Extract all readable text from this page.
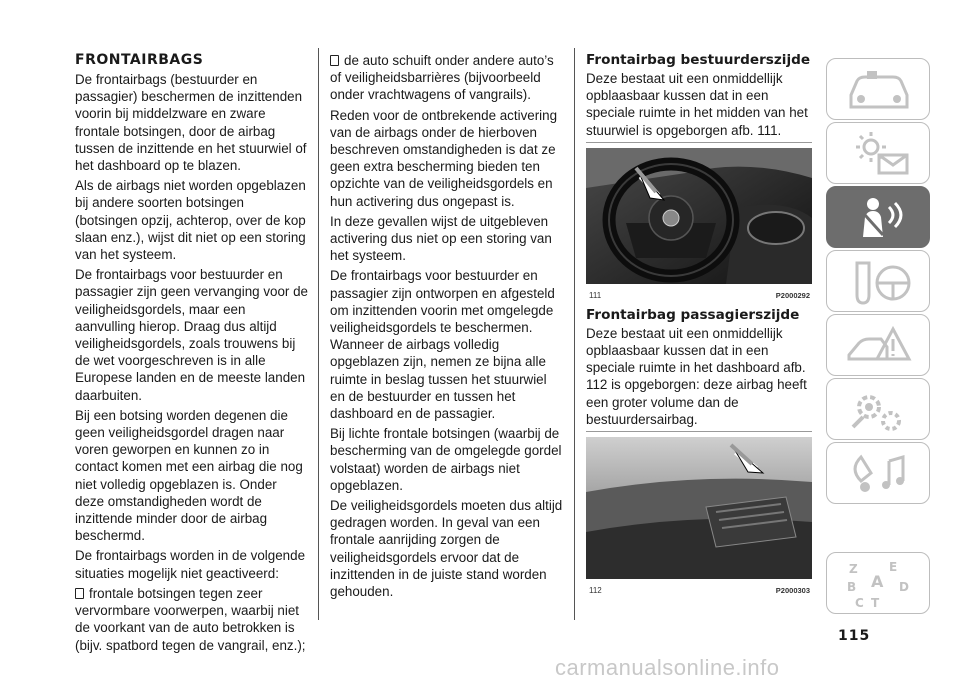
FRONTAIRBAGS

De frontairbags (bestuurder en passagier) beschermen de inzittenden voorin bij middelzware en zware frontale botsingen, door de airbag tussen de inzittende en het stuurwiel of het dashboard op te blazen.

Als de airbags niet worden opgeblazen bij andere soorten botsingen (botsingen opzij, achterop, over de kop slaan enz.), wijst dit niet op een storing van het systeem.

De frontairbags voor bestuurder en passagier zijn geen vervanging voor de veiligheidsgordels, maar een aanvulling hierop. Draag dus altijd veiligheidsgordels, zoals trouwens bij de wet voorgeschreven is in alle Europese landen en de meeste landen daarbuiten.

Bij een botsing worden degenen die geen veiligheidsgordel dragen naar voren geworpen en kunnen zo in contact komen met een airbag die nog niet volledig opgeblazen is. Onder deze omstandigheden wordt de inzittende minder door de airbag beschermd.

De frontairbags worden in de volgende situaties mogelijk niet geactiveerd:

frontale botsingen tegen zeer vervormbare voorwerpen, waarbij niet de voorkant van de auto betrokken is (bijv. spatbord tegen de vangrail, enz.);

de auto schuift onder andere auto’s of veiligheidsbarrières (bijvoorbeeld onder vrachtwagens of vangrails).

Reden voor de ontbrekende activering van de airbags onder de hierboven beschreven omstandigheden is dat ze geen extra bescherming bieden ten opzichte van de veiligheidsgordels en hun activering dus ongepast is.

In deze gevallen wijst de uitgebleven activering dus niet op een storing van het systeem.

De frontairbags voor bestuurder en passagier zijn ontworpen en afgesteld om inzittenden voorin met omgelegde veiligheidsgordels te beschermen. Wanneer de airbags volledig opgeblazen zijn, nemen ze bijna alle ruimte in beslag tussen het stuurwiel en de bestuurder en tussen het dashboard en de passagier.

Bij lichte frontale botsingen (waarbij de bescherming van de omgelegde gordel volstaat) worden de airbags niet opgeblazen.

De veiligheidsgordels moeten dus altijd gedragen worden. In geval van een frontale aanrijding zorgen de veiligheidsgordels ervoor dat de inzittenden in de juiste stand worden gehouden.

Frontairbag bestuurderszijde

Deze bestaat uit een onmiddellijk opblaasbaar kussen dat in een speciale ruimte in het midden van het stuurwiel is opgeborgen afb. 111.

111	P2000292
Frontairbag passagierszijde

Deze bestaat uit een onmiddellijk opblaasbaar kussen dat in een speciale ruimte in het dashboard afb. 112 is opgeborgen: deze airbag heeft een groter volume dan de bestuurdersairbag.

112	P2000303
Z	E
B A D
C T
115
carmanualsonline.info
